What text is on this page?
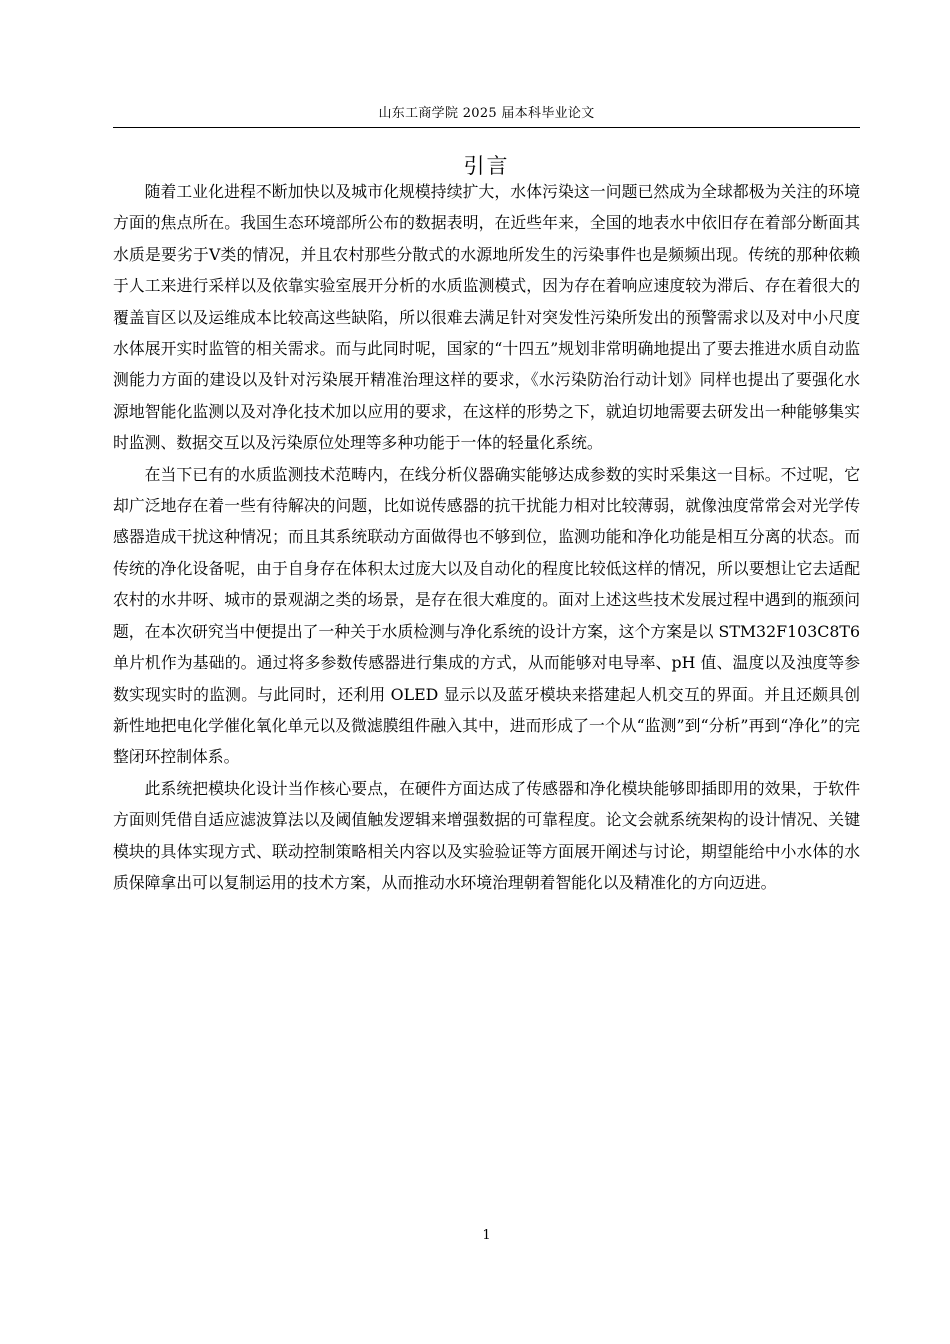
山东工商学院 2025 届本科毕业论文
引言

随着工业化进程不断加快以及城市化规模持续扩大，水体污染这一问题已然成为全球都极为关注的环境方面的焦点所在。我国生态环境部所公布的数据表明，在近些年来，全国的地表水中依旧存在着部分断面其水质是要劣于Ⅴ类的情况，并且农村那些分散式的水源地所发生的污染事件也是频频出现。传统的那种依赖于人工来进行采样以及依靠实验室展开分析的水质监测模式，因为存在着响应速度较为滞后、存在着很大的覆盖盲区以及运维成本比较高这些缺陷，所以很难去满足针对突发性污染所发出的预警需求以及对中小尺度水体展开实时监管的相关需求。而与此同时呢，国家的“十四五”规划非常明确地提出了要去推进水质自动监测能力方面的建设以及针对污染展开精准治理这样的要求，《水污染防治行动计划》同样也提出了要强化水源地智能化监测以及对净化技术加以应用的要求，在这样的形势之下，就迫切地需要去研发出一种能够集实时监测、数据交互以及污染原位处理等多种功能于一体的轻量化系统。

在当下已有的水质监测技术范畴内，在线分析仪器确实能够达成参数的实时采集这一目标。不过呢，它却广泛地存在着一些有待解决的问题，比如说传感器的抗干扰能力相对比较薄弱，就像浊度常常会对光学传感器造成干扰这种情况；而且其系统联动方面做得也不够到位，监测功能和净化功能是相互分离的状态。而传统的净化设备呢，由于自身存在体积太过庞大以及自动化的程度比较低这样的情况，所以要想让它去适配农村的水井呀、城市的景观湖之类的场景，是存在很大难度的。面对上述这些技术发展过程中遇到的瓶颈问题，在本次研究当中便提出了一种关于水质检测与净化系统的设计方案，这个方案是以 STM32F103C8T6 单片机作为基础的。通过将多参数传感器进行集成的方式，从而能够对电导率、pH 值、温度以及浊度等参数实现实时的监测。与此同时，还利用 OLED 显示以及蓝牙模块来搭建起人机交互的界面。并且还颇具创新性地把电化学催化氧化单元以及微滤膜组件融入其中，进而形成了一个从“监测”到“分析”再到“净化”的完整闭环控制体系。

此系统把模块化设计当作核心要点，在硬件方面达成了传感器和净化模块能够即插即用的效果，于软件方面则凭借自适应滤波算法以及阈值触发逻辑来增强数据的可靠程度。论文会就系统架构的设计情况、关键模块的具体实现方式、联动控制策略相关内容以及实验验证等方面展开阐述与讨论，期望能给中小水体的水质保障拿出可以复制运用的技术方案，从而推动水环境治理朝着智能化以及精准化的方向迈进。

1
